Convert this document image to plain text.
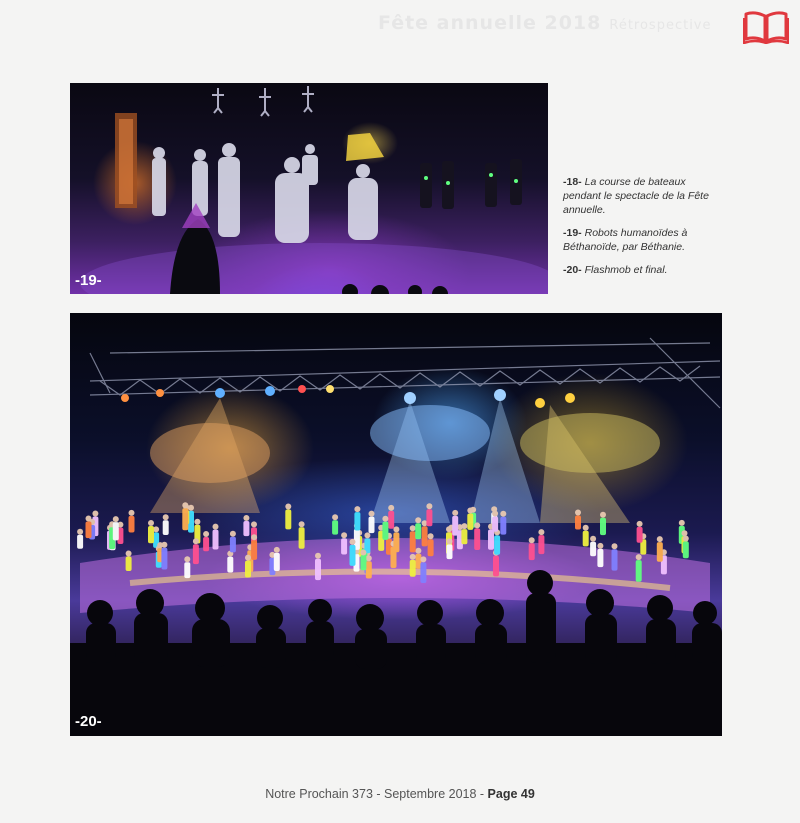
Fête annuelle 2018 Rétrospective
-19-

-18- La course de bateaux pendant le spectacle de la Fête annuelle.

-19- Robots humanoïdes à Béthanoïde, par Béthanie.

-20- Flashmob et final.

-20-
Notre Prochain 373 - Septembre 2018 - Page 49
